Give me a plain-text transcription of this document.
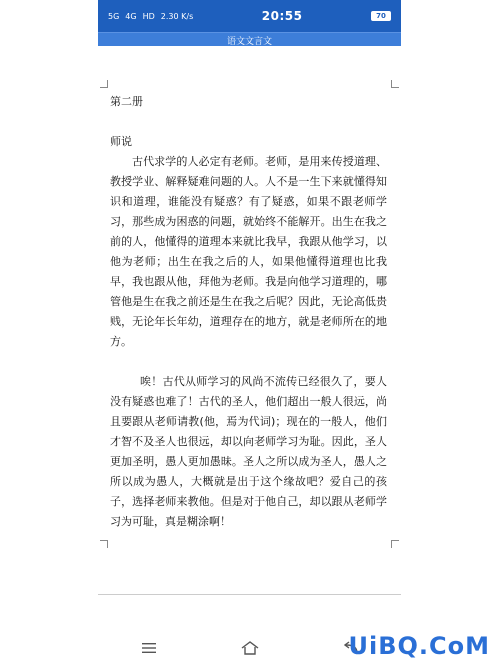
5G 4G HD 2.30 K/s	20:55	70
语文文言文

第二册

师说

古代求学的人必定有老师。老师，是用来传授道理、教授学业、解释疑难问题的人。人不是一生下来就懂得知识和道理，谁能没有疑惑？有了疑惑，如果不跟老师学习，那些成为困惑的问题，就始终不能解开。出生在我之前的人，他懂得的道理本来就比我早，我跟从他学习，以他为老师；出生在我之后的人，如果他懂得道理也比我早，我也跟从他，拜他为老师。我是向他学习道理的，哪管他是生在我之前还是生在我之后呢？因此，无论高低贵贱，无论年长年幼，道理存在的地方，就是老师所在的地方。

唉！古代从师学习的风尚不流传已经很久了，要人没有疑惑也难了！古代的圣人，他们超出一般人很远，尚且要跟从老师请教(他，焉为代词)；现在的一般人，他们才智不及圣人也很远，却以向老师学习为耻。因此，圣人更加圣明，愚人更加愚昧。圣人之所以成为圣人，愚人之所以成为愚人，大概就是出于这个缘故吧？爱自己的孩子，选择老师来教他。但是对于他自己，却以跟从老师学习为可耻，真是糊涂啊！

UiBQ.CoM
